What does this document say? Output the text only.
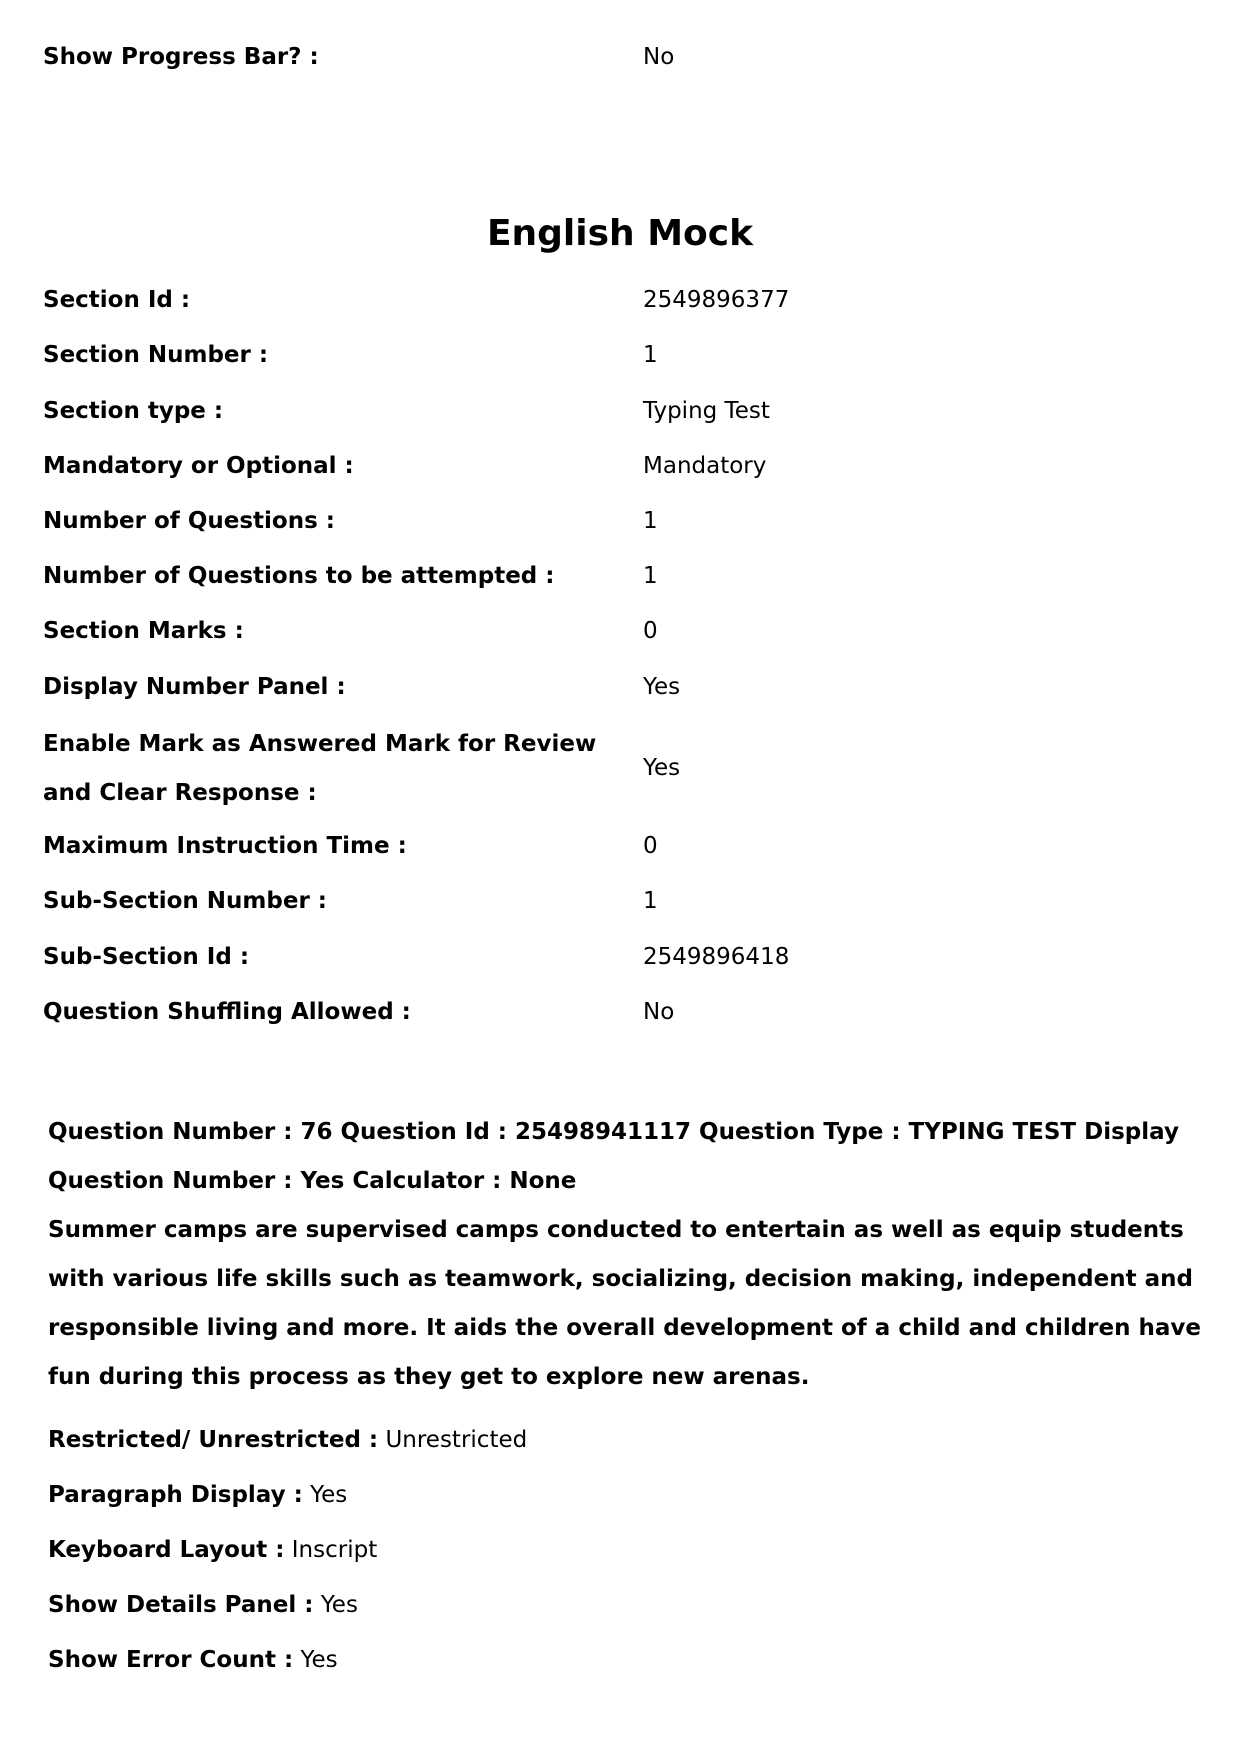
Show Progress Bar? :	No
English Mock
Section Id :	2549896377
Section Number :	1
Section type :	Typing Test
Mandatory or Optional :	Mandatory
Number of Questions :	1
Number of Questions to be attempted :	1
Section Marks :	0
Display Number Panel :	Yes
Enable Mark as Answered Mark for Review and Clear Response :
Yes
Maximum Instruction Time :	0
Sub-Section Number :	1
Sub-Section Id :	2549896418
Question Shuffling Allowed :	No
Question Number : 76 Question Id : 25498941117 Question Type : TYPING TEST Display Question Number : Yes Calculator : None
Summer camps are supervised camps conducted to entertain as well as equip students with various life skills such as teamwork, socializing, decision making, independent and responsible living and more. It aids the overall development of a child and children have fun during this process as they get to explore new arenas.
Restricted/ Unrestricted : Unrestricted
Paragraph Display : Yes
Keyboard Layout : Inscript
Show Details Panel : Yes
Show Error Count : Yes
